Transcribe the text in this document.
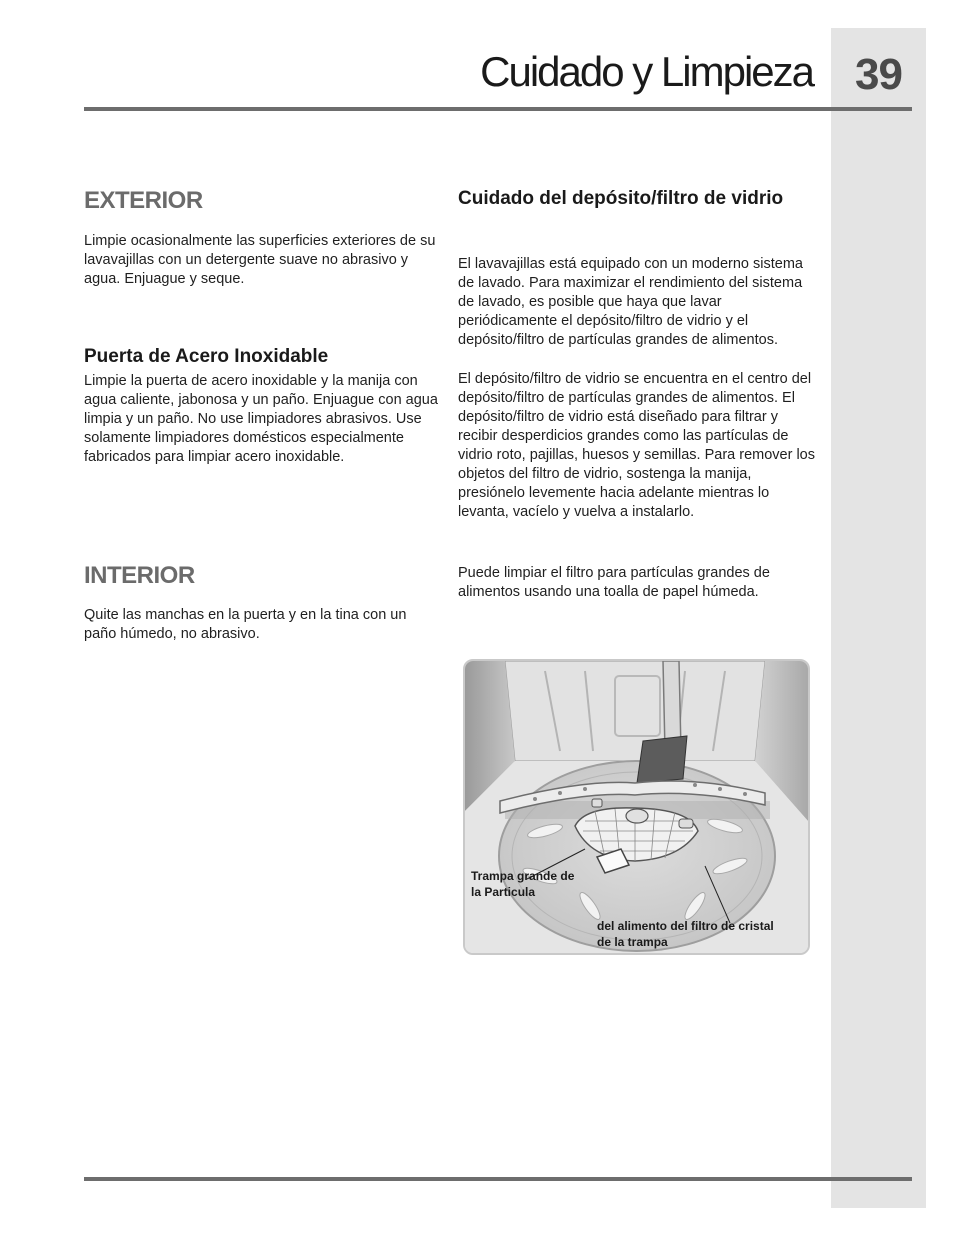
39
Cuidado y Limpieza
EXTERIOR
Limpie ocasionalmente las superficies exteriores de su lavavajillas con un detergente suave no abrasivo y agua. Enjuague y seque.
Puerta de Acero Inoxidable
Limpie la puerta de acero inoxidable y la manija con agua caliente, jabonosa y un paño. Enjuague con agua limpia y un paño. No use limpiadores abrasivos. Use solamente limpiadores domésticos especialmente fabricados para limpiar acero inoxidable.
INTERIOR
Quite las manchas en la puerta y en la tina con un paño húmedo, no abrasivo.
Cuidado del depósito/filtro de vidrio
El lavavajillas está equipado con un moderno sistema de lavado. Para maximizar el rendimiento del sistema de lavado, es posible que haya que lavar periódicamente el depósito/filtro de vidrio y el depósito/filtro de partículas grandes de alimentos.
El depósito/filtro de vidrio se encuentra en el centro del depósito/filtro de partículas grandes de alimentos. El depósito/filtro de vidrio está diseñado para filtrar y recibir desperdicios grandes como las partículas de vidrio roto, pajillas, huesos y semillas. Para remover los objetos del filtro de vidrio, sostenga la manija, presiónelo levemente hacia adelante mientras lo levanta, vacíelo y vuelva a instalarlo.
Puede limpiar el filtro para partículas grandes de alimentos usando una toalla de papel húmeda.
Trampa grande de
la Particula
del alimento del filtro de cristal
de la trampa
